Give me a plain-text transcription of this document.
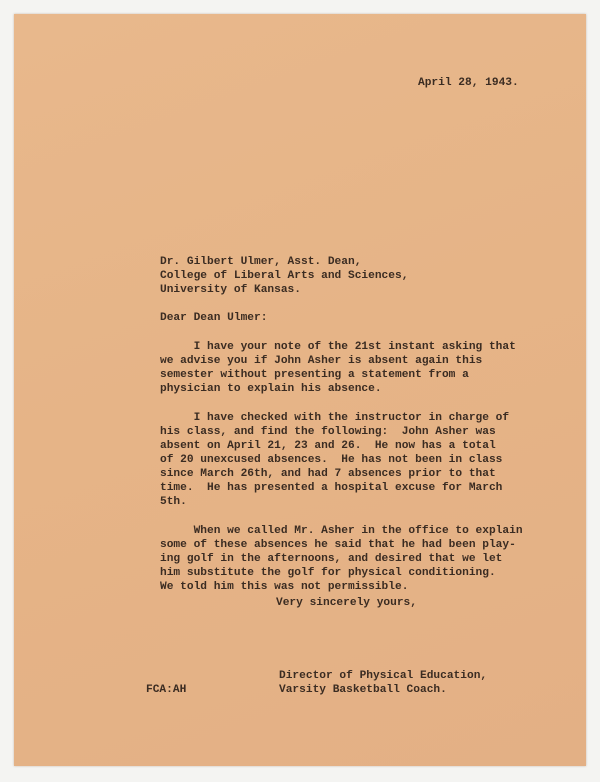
April 28, 1943.

Dr. Gilbert Ulmer, Asst. Dean,

College of Liberal Arts and Sciences,

University of Kansas.

Dear Dean Ulmer:

I have your note of the 21st instant asking that

we advise you if John Asher is absent again this

semester without presenting a statement from a

physician to explain his absence.

I have checked with the instructor in charge of

his class, and find the following:  John Asher was

absent on April 21, 23 and 26.  He now has a total

of 20 unexcused absences.  He has not been in class

since March 26th, and had 7 absences prior to that

time.  He has presented a hospital excuse for March

5th.

When we called Mr. Asher in the office to explain

some of these absences he said that he had been play-

ing golf in the afternoons, and desired that we let

him substitute the golf for physical conditioning.

We told him this was not permissible.

Very sincerely yours,

FCA:AH

Director of Physical Education,

Varsity Basketball Coach.
